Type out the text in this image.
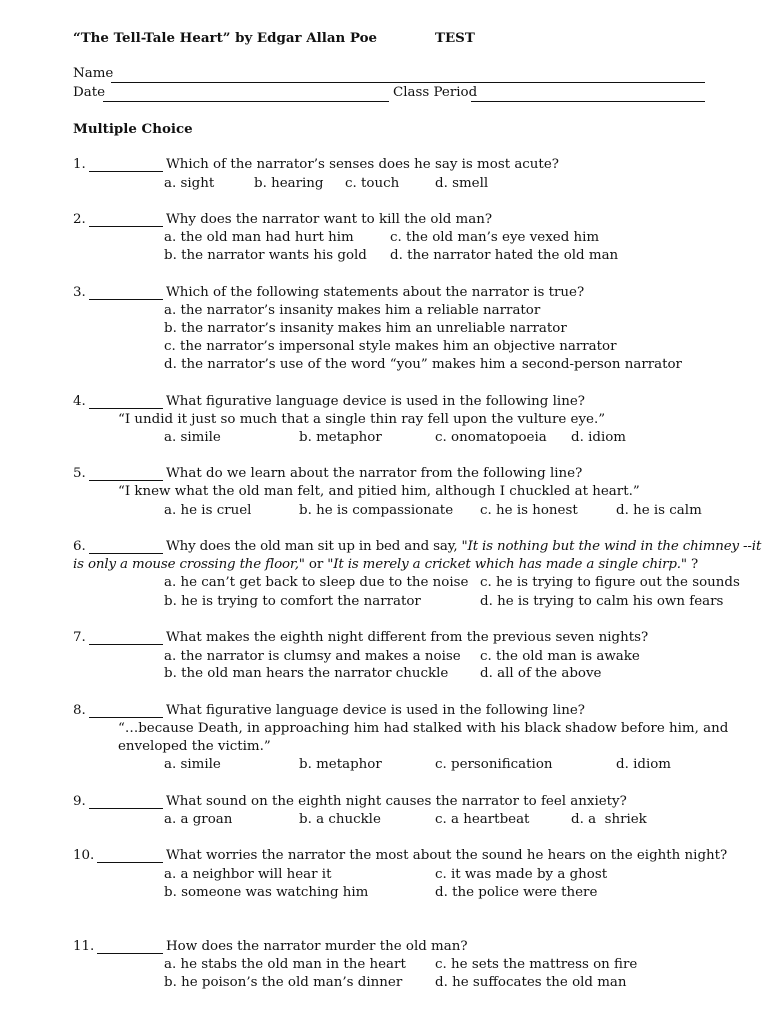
“The Tell-Tale Heart” by Edgar Allan Poe	TEST
Name
Date	Class Period
Multiple Choice
1.	Which of the narrator’s senses does he say is most acute?
a. sight	b. hearing c. touch	d. smell
2.	Why does the narrator want to kill the old man?
a. the old man had hurt him	c. the old man’s eye vexed him
b. the narrator wants his gold d. the narrator hated the old man
3.	Which of the following statements about the narrator is true?
a. the narrator’s insanity makes him a reliable narrator
b. the narrator’s insanity makes him an unreliable narrator
c. the narrator’s impersonal style makes him an objective narrator
d. the narrator’s use of the word “you” makes him a second-person narrator
4.	What figurative language device is used in the following line?
“I undid it just so much that a single thin ray fell upon the vulture eye.”
a. simile	b. metaphor	c. onomatopoeia d. idiom
5.	What do we learn about the narrator from the following line?
“I knew what the old man felt, and pitied him, although I chuckled at heart.”
a. he is cruel	b. he is compassionate c. he is honest	d. he is calm
6.	Why does the old man sit up in bed and say, "It is nothing but the wind in the chimney --it
is only a mouse crossing the floor," or "It is merely a cricket which has made a single chirp." ?
a. he can’t get back to sleep due to the noise c. he is trying to figure out the sounds
b. he is trying to comfort the narrator	d. he is trying to calm his own fears
7.	What makes the eighth night different from the previous seven nights?
a. the narrator is clumsy and makes a noise c. the old man is awake
b. the old man hears the narrator chuckle d. all of the above
8.	What figurative language device is used in the following line?
“…because Death, in approaching him had stalked with his black shadow before him, and
enveloped the victim.”
a. simile	b. metaphor	c. personification	d. idiom
9.	What sound on the eighth night causes the narrator to feel anxiety?
a. a groan	b. a chuckle	c. a heartbeat	d. a  shriek
10.	What worries the narrator the most about the sound he hears on the eighth night?
a. a neighbor will hear it	c. it was made by a ghost
b. someone was watching him	d. the police were there
11.	How does the narrator murder the old man?
a. he stabs the old man in the heart c. he sets the mattress on fire
b. he poison’s the old man’s dinner d. he suffocates the old man
